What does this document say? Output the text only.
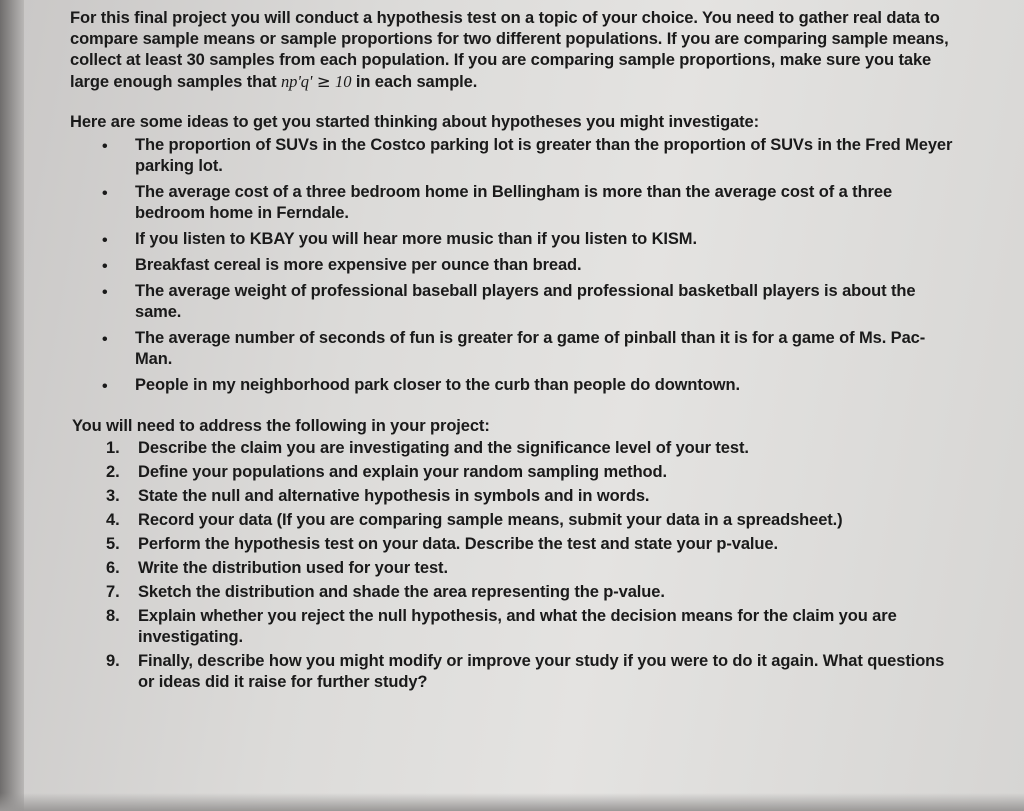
For this final project you will conduct a hypothesis test on a topic of your choice. You need to gather real data to compare sample means or sample proportions for two different populations. If you are comparing sample means, collect at least 30 samples from each population. If you are comparing sample proportions, make sure you take large enough samples that np'q' ≥ 10 in each sample.

Here are some ideas to get you started thinking about hypotheses you might investigate:
• The proportion of SUVs in the Costco parking lot is greater than the proportion of SUVs in the Fred Meyer parking lot.
• The average cost of a three bedroom home in Bellingham is more than the average cost of a three bedroom home in Ferndale.
• If you listen to KBAY you will hear more music than if you listen to KISM.
• Breakfast cereal is more expensive per ounce than bread.
• The average weight of professional baseball players and professional basketball players is about the same.
• The average number of seconds of fun is greater for a game of pinball than it is for a game of Ms. Pac-Man.
• People in my neighborhood park closer to the curb than people do downtown.
You will need to address the following in your project:
1.	Describe the claim you are investigating and the significance level of your test.
2.	Define your populations and explain your random sampling method.
3.	State the null and alternative hypothesis in symbols and in words.
4.	Record your data (If you are comparing sample means, submit your data in a spreadsheet.)
5.	Perform the hypothesis test on your data. Describe the test and state your p-value.
6.	Write the distribution used for your test.
7.	Sketch the distribution and shade the area representing the p-value.
8.	Explain whether you reject the null hypothesis, and what the decision means for the claim you are investigating.
9.	Finally, describe how you might modify or improve your study if you were to do it again. What questions or ideas did it raise for further study?
